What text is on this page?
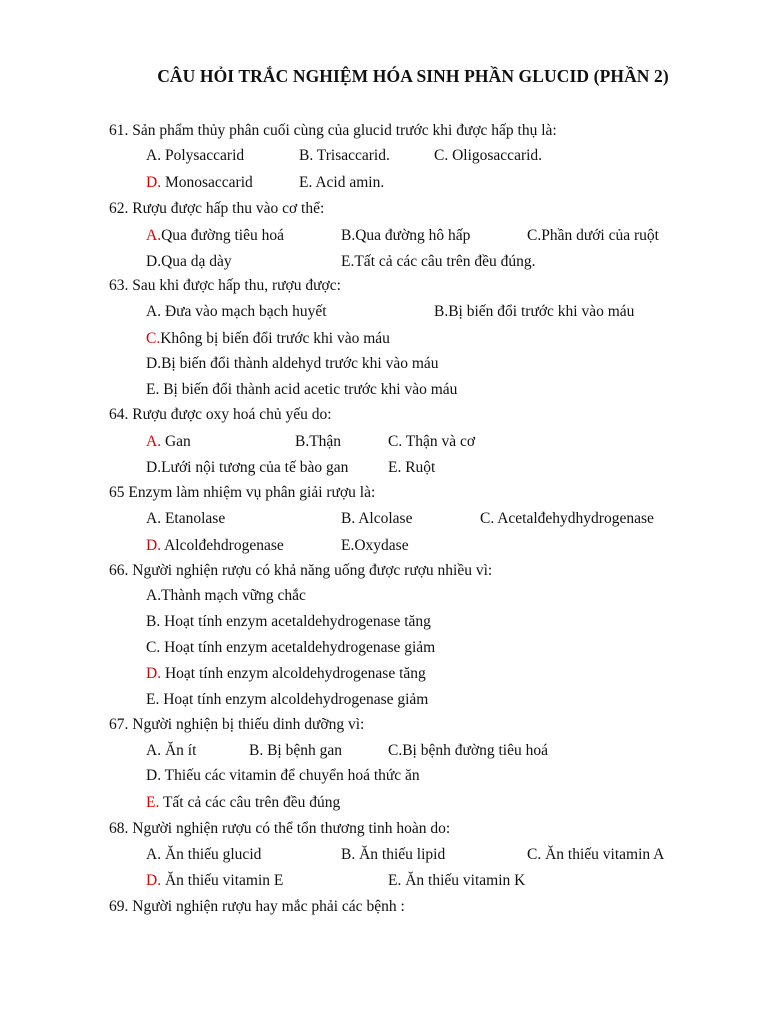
CÂU HỎI TRẮC NGHIỆM HÓA SINH PHẦN GLUCID (PHẦN 2)
61. Sản phẩm thủy phân cuối cùng của glucid trước khi được hấp thụ là:
A. Polysaccarid	B. Trisaccarid.	C. Oligosaccarid.
D. Monosaccarid	E. Acid amin.
62. Rượu được hấp thu vào cơ thể:
A.Qua đường tiêu hoá	B.Qua đường hô hấp	C.Phần dưới của ruột
D.Qua dạ dày	E.Tất cả các câu trên đều đúng.
63. Sau khi được hấp thu, rượu được:
A. Đưa vào mạch bạch huyết	B.Bị biến đổi trước khi vào máu
C.Không bị biến đổi trước khi vào máu
D.Bị biến đổi thành aldehyd trước khi vào máu
E. Bị biến đổi thành acid acetic trước khi vào máu
64. Rượu được oxy hoá chủ yếu do:
A. Gan	B.Thận	C. Thận và cơ
D.Lưới nội tương của tế bào gan	E. Ruột
65 Enzym làm nhiệm vụ phân giải rượu là:
A. Etanolase	B. Alcolase	C. Acetalđehydhydrogenase
D. Alcolđehdrogenase	E.Oxydase
66. Người nghiện rượu có khả năng uống được rượu nhiều vì:
A.Thành mạch vững chắc
B. Hoạt tính enzym acetaldehydrogenase tăng
C. Hoạt tính enzym acetaldehydrogenase giảm
D. Hoạt tính enzym alcoldehydrogenase tăng
E. Hoạt tính enzym alcoldehydrogenase giảm
67. Người nghiện bị thiếu dinh dưỡng vì:
A. Ăn ít	B. Bị bệnh gan	C.Bị bệnh đường tiêu hoá
D. Thiếu các vitamin để chuyển hoá thức ăn
E. Tất cả các câu trên đều đúng
68. Người nghiện rượu có thể tổn thương tinh hoàn do:
A. Ăn thiếu glucid	B. Ăn thiếu lipid	C. Ăn thiếu vitamin A
D. Ăn thiếu vitamin E	E. Ăn thiếu vitamin K
69. Người nghiện rượu hay mắc phải các bệnh :
